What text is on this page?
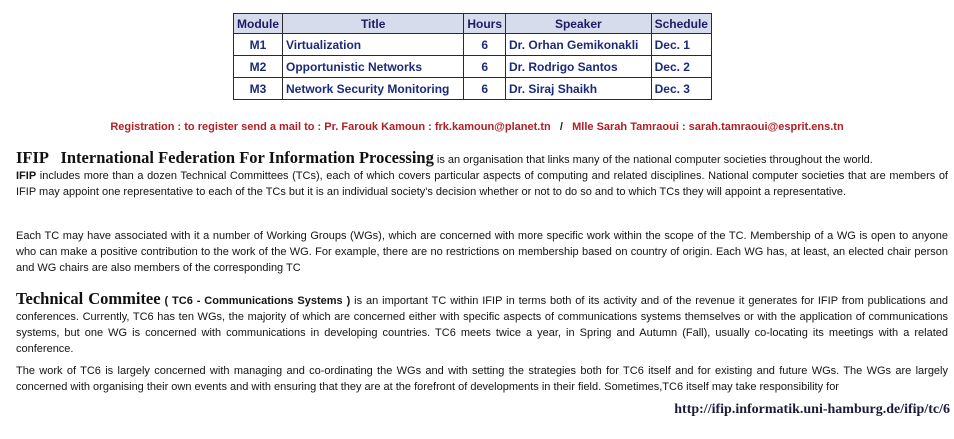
Module	Title	Hours	Speaker	Schedule
M1	Virtualization	6	Dr. Orhan Gemikonakli	Dec. 1
M2	Opportunistic Networks	6	Dr. Rodrigo Santos	Dec. 2
M3	Network Security Monitoring	6	Dr. Siraj Shaikh	Dec. 3
Registration : to register send a mail to : Pr. Farouk Kamoun : frk.kamoun@planet.tn / Mlle Sarah Tamraoui : sarah.tamraoui@esprit.ens.tn

IFIP   International Federation For Information Processing is an organisation that links many of the national computer societies throughout the world.
IFIP includes more than a dozen Technical Committees (TCs), each of which covers particular aspects of computing and related disciplines. National computer societies that are members of IFIP may appoint one representative to each of the TCs but it is an individual society's decision whether or not to do so and to which TCs they will appoint a representative.

Each TC may have associated with it a number of Working Groups (WGs), which are concerned with more specific work within the scope of the TC. Membership of a WG is open to anyone who can make a positive contribution to the work of the WG. For example, there are no restrictions on membership based on country of origin. Each WG has, at least, an elected chair person and WG chairs are also members of the corresponding TC

Technical Commitee ( TC6 - Communications Systems ) is an important TC within IFIP in terms both of its activity and of the revenue it generates for IFIP from publications and conferences. Currently, TC6 has ten WGs, the majority of which are concerned either with specific aspects of communications systems themselves or with the application of communications systems, but one WG is concerned with communications in developing countries. TC6 meets twice a year, in Spring and Autumn (Fall), usually co-locating its meetings with a related conference.

The work of TC6 is largely concerned with managing and co-ordinating the WGs and with setting the strategies both for TC6 itself and for existing and future WGs. The WGs are largely concerned with organising their own events and with ensuring that they are at the forefront of developments in their field. Sometimes,TC6 itself may take responsibility for

http://ifip.informatik.uni-hamburg.de/ifip/tc/6
